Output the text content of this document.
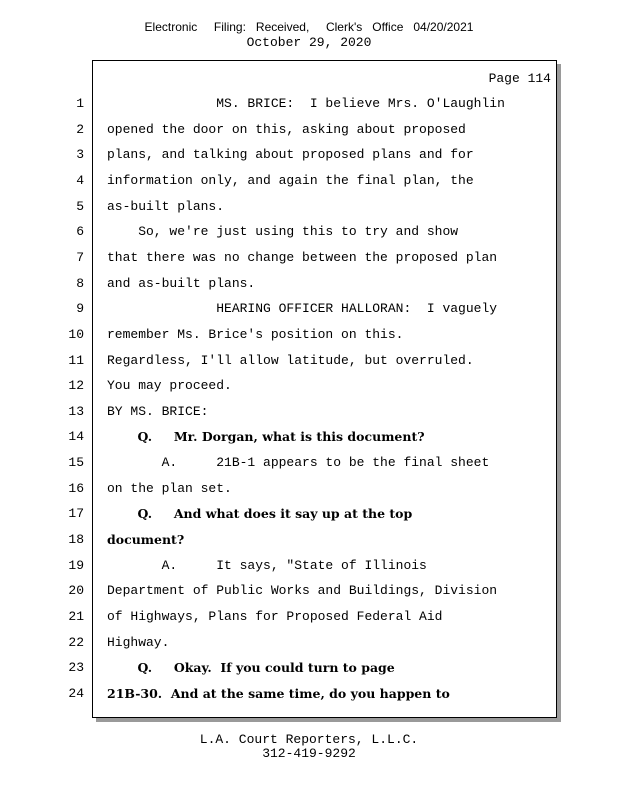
Electronic     Filing:   Received,     Clerk's   Office   04/20/2021
October 29, 2020
Page 114
1 MS. BRICE:  I believe Mrs. O'Laughlin
2 opened the door on this, asking about proposed
3 plans, and talking about proposed plans and for
4 information only, and again the final plan, the
5 as-built plans.
6 So, we're just using this to try and show
7 that there was no change between the proposed plan
8 and as-built plans.
9 HEARING OFFICER HALLORAN:  I vaguely
10 remember Ms. Brice's position on this.
11 Regardless, I'll allow latitude, but overruled.
12 You may proceed.
13 BY MS. BRICE:
14 Q.     Mr. Dorgan, what is this document?
15 A.     21B-1 appears to be the final sheet
16 on the plan set.
17 Q.     And what does it say up at the top
18 document?
19 A.     It says, "State of Illinois
20 Department of Public Works and Buildings, Division
21 of Highways, Plans for Proposed Federal Aid
22 Highway.
23 Q.     Okay.  If you could turn to page
24 21B-30.  And at the same time, do you happen to
L.A. Court Reporters, L.L.C.
312-419-9292
